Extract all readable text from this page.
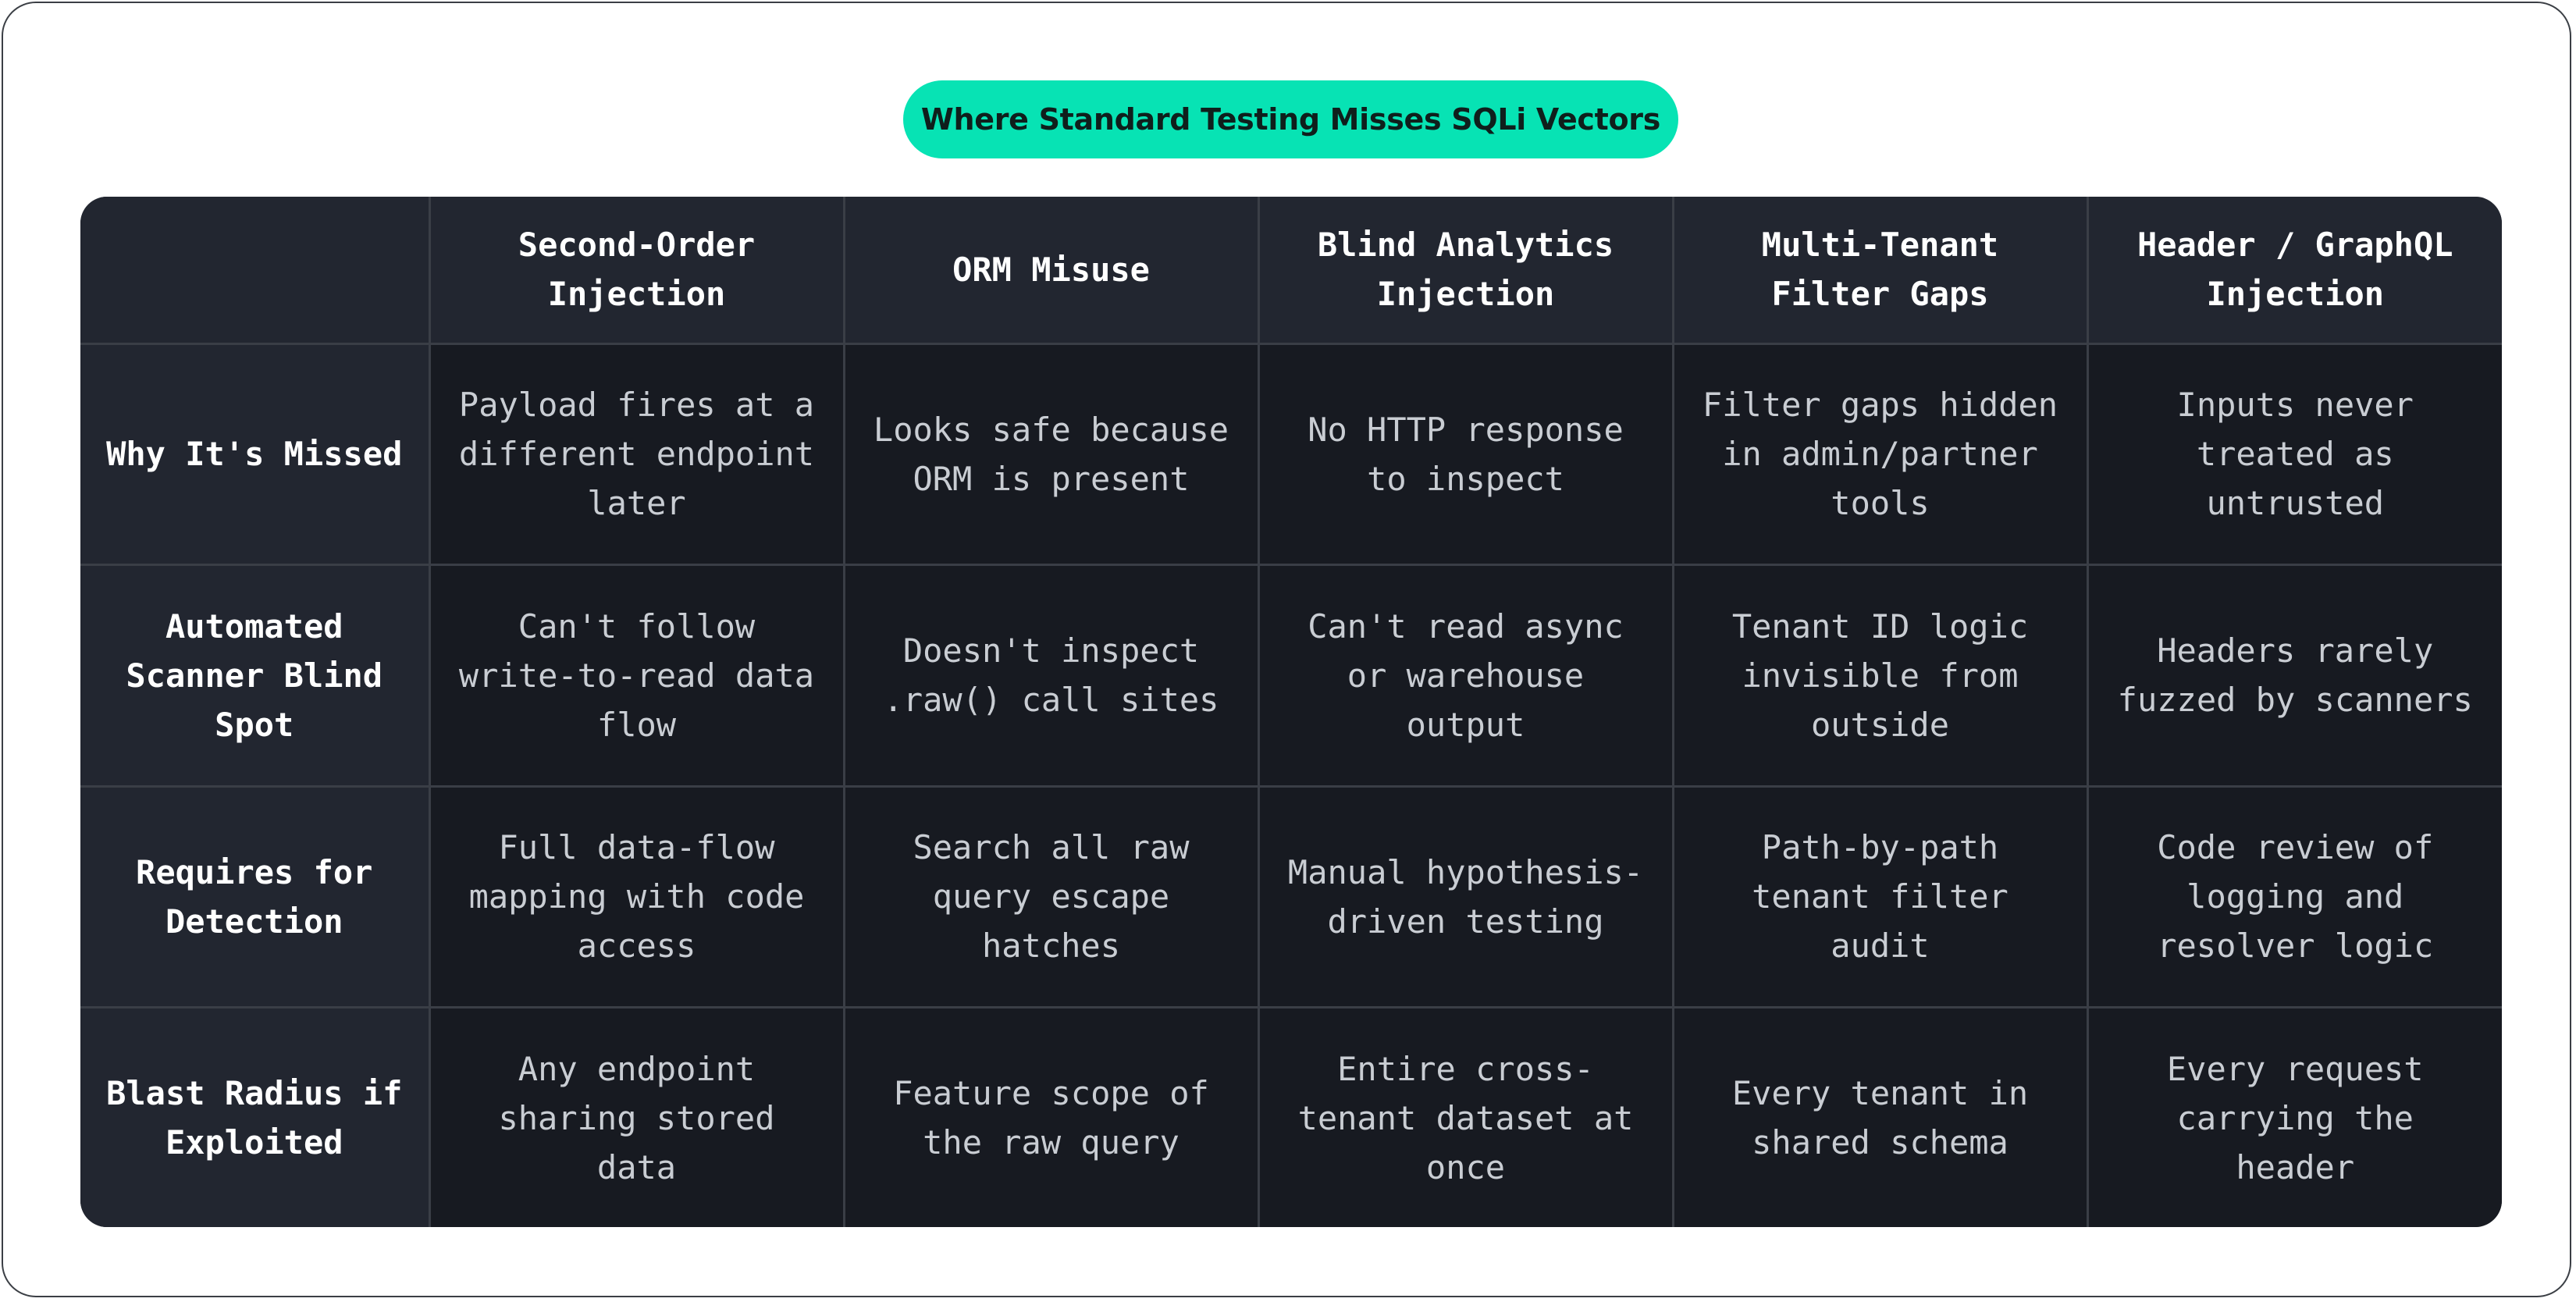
Where Standard Testing Misses SQLi Vectors
	Second-Order Injection	ORM Misuse	Blind Analytics Injection	Multi-Tenant Filter Gaps	Header / GraphQL Injection
Why It's Missed	Payload fires at a different endpoint later	Looks safe because ORM is present	No HTTP response to inspect	Filter gaps hidden in admin/partner tools	Inputs never treated as untrusted
Automated Scanner Blind Spot	Can't follow write-to-read data flow	Doesn't inspect .raw() call sites	Can't read async or warehouse output	Tenant ID logic invisible from outside	Headers rarely fuzzed by scanners
Requires for Detection	Full data-flow mapping with code access	Search all raw query escape hatches	Manual hypothesis-driven testing	Path-by-path tenant filter audit	Code review of logging and resolver logic
Blast Radius if Exploited	Any endpoint sharing stored data	Feature scope of the raw query	Entire cross-tenant dataset at once	Every tenant in shared schema	Every request carrying the header
